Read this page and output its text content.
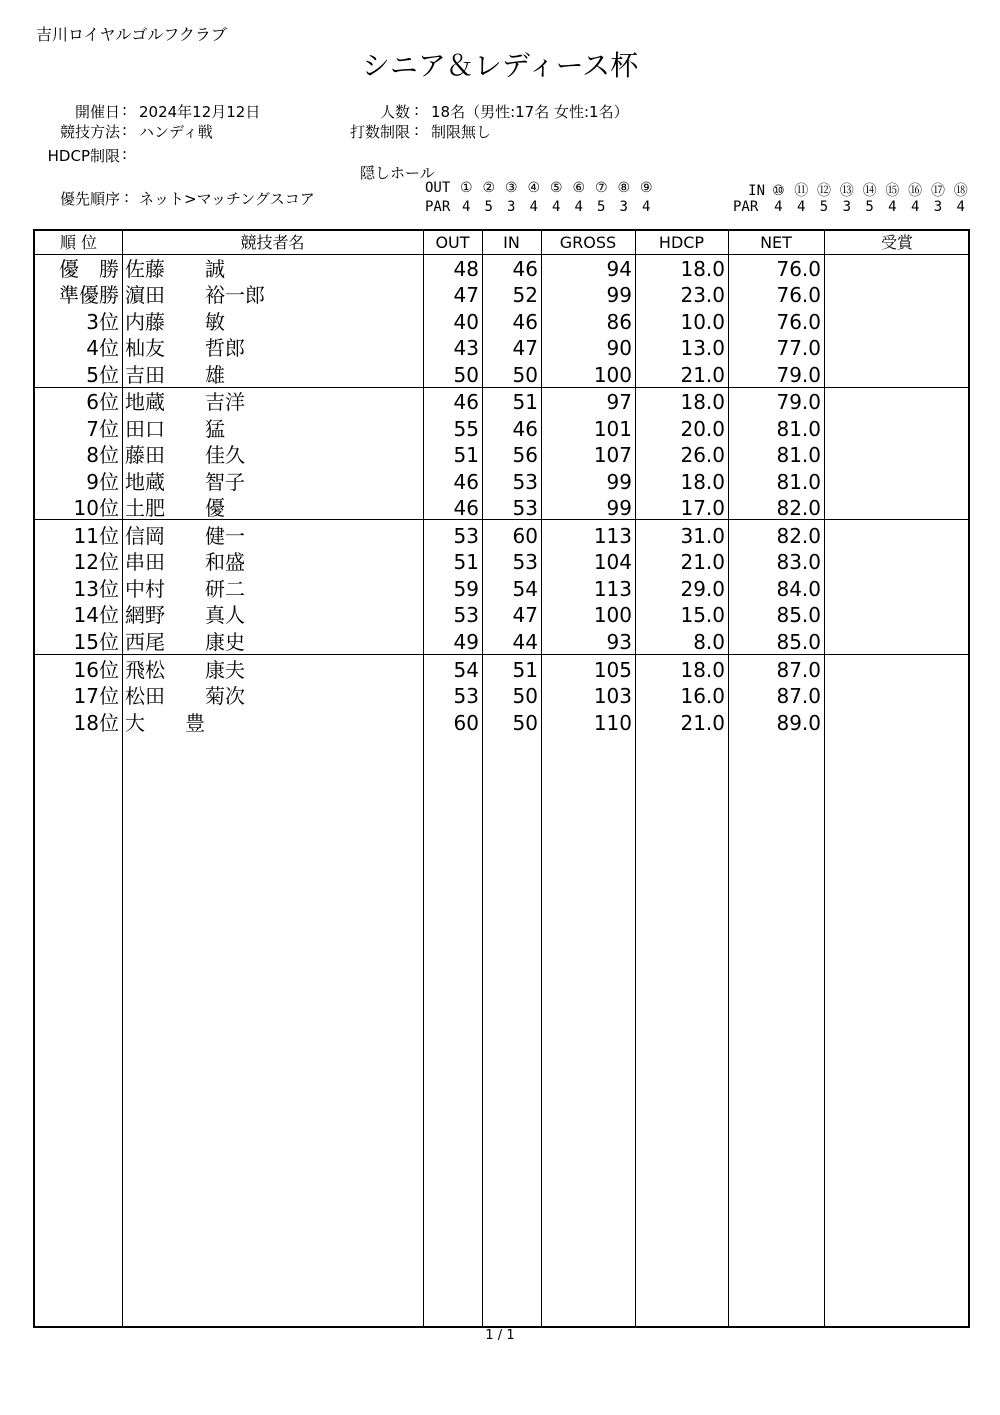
吉川ロイヤルゴルフクラブ
シニア＆レディース杯
開催日 : 2024年12月12日
競技方法 : ハンディ戦
HDCP制限 :
人数 : 18名（男性:17名 女性:1名）
打数制限 : 制限無し
隠しホール
優先順序 : ネット>マッチングスコア
OUT ① ② ③ ④ ⑤ ⑥ ⑦ ⑧ ⑨
PAR 4 5 3 4 4 4 5 3 4
IN ⑩ ⑪ ⑫ ⑬ ⑭ ⑮ ⑯ ⑰ ⑱
PAR 4 4 5 3 5 4 4 3 4
順 位	競技者名	OUT	IN	GROSS	HDCP	NET	受賞
優　勝 佐藤　　誠	48	46	94	18.0	76.0
準優勝 濵田　　裕一郎	47	52	99	23.0	76.0
3位 内藤　　敏	40	46	86	10.0	76.0
4位 杣友　　哲郎	43	47	90	13.0	77.0
5位 吉田　　雄	50	50	100	21.0	79.0
6位 地蔵　　吉洋	46	51	97	18.0	79.0
7位 田口　　猛	55	46	101	20.0	81.0
8位 藤田　　佳久	51	56	107	26.0	81.0
9位 地蔵　　智子	46	53	99	18.0	81.0
10位 土肥　　優	46	53	99	17.0	82.0
11位 信岡　　健一	53	60	113	31.0	82.0
12位 串田　　和盛	51	53	104	21.0	83.0
13位 中村　　研二	59	54	113	29.0	84.0
14位 網野　　真人	53	47	100	15.0	85.0
15位 西尾　　康史	49	44	93	8.0	85.0
16位 飛松　　康夫	54	51	105	18.0	87.0
17位 松田　　菊次	53	50	103	16.0	87.0
18位 大　　豊	60	50	110	21.0	89.0
1 / 1
